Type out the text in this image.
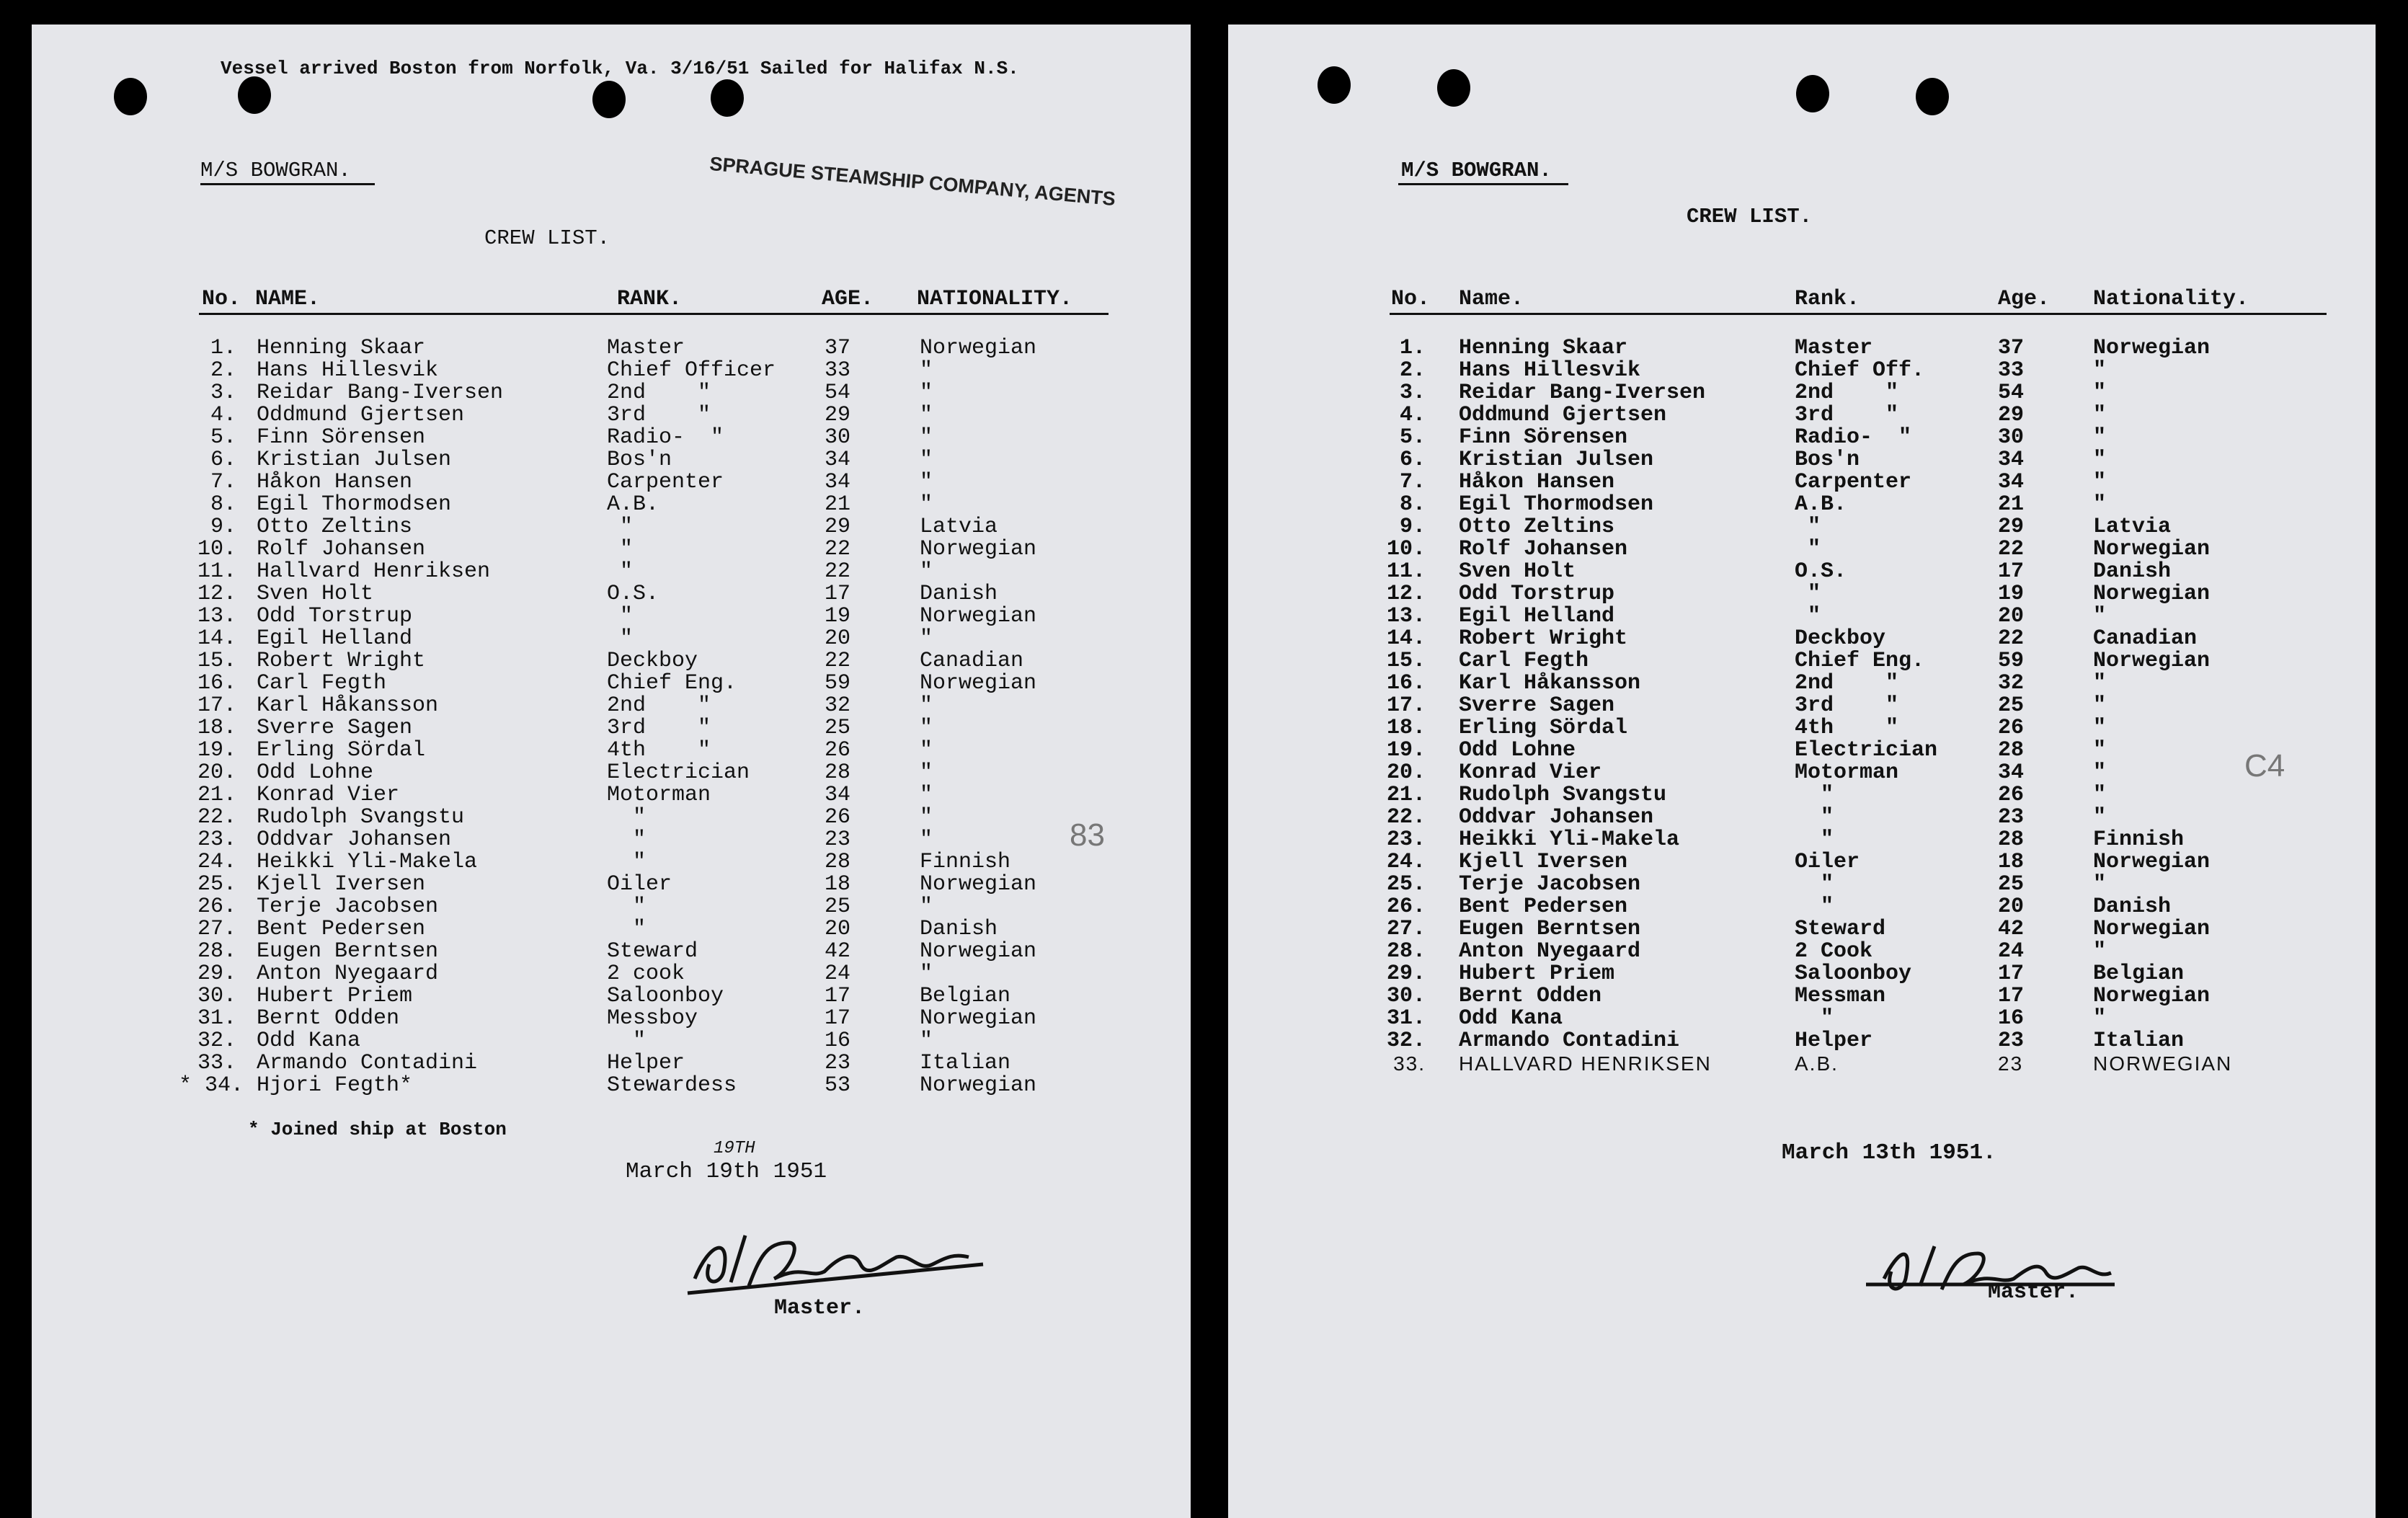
Vessel arrived Boston from Norfolk, Va. 3/16/51 Sailed for Halifax N.S.
M/S BOWGRAN.	SPRAGUE STEAMSHIP COMPANY, AGENTS
CREW LIST.
No. NAME.	RANK.	AGE. NATIONALITY.
1. Henning Skaar	Master	37	Norwegian
2. Hans Hillesvik	Chief Officer 33	"
3. Reidar Bang-Iversen	2nd    "	54	"
4. Oddmund Gjertsen	3rd    "	29	"
5. Finn Sörensen	Radio-  "	30	"
6. Kristian Julsen	Bos'n	34	"
7. Håkon Hansen	Carpenter	34	"
8. Egil Thormodsen	A.B.	21	"
9. Otto Zeltins	"	29	Latvia
10. Rolf Johansen	"	22	Norwegian
11. Hallvard Henriksen	"	22	"
12. Sven Holt	O.S.	17	Danish
13. Odd Torstrup	"	19	Norwegian
14. Egil Helland	"	20	"
15. Robert Wright	Deckboy	22	Canadian
16. Carl Fegth	Chief Eng.	59	Norwegian
17. Karl Håkansson	2nd    "	32	"
18. Sverre Sagen	3rd    "	25	"
19. Erling Sördal	4th    "	26	"
20. Odd Lohne	Electrician	28	"
21. Konrad Vier	Motorman	34	"
22. Rudolph Svangstu	"	26	"
23. Oddvar Johansen	"	23	"
24. Heikki Yli-Makela	"	28	Finnish
25. Kjell Iversen	Oiler	18	Norwegian
26. Terje Jacobsen	"	25	"
27. Bent Pedersen	"	20	Danish
28. Eugen Berntsen	Steward	42	Norwegian
29. Anton Nyegaard	2 cook	24	"
30. Hubert Priem	Saloonboy	17	Belgian
31. Bernt Odden	Messboy	17	Norwegian
32. Odd Kana	"	16	"
33. Armando Contadini	Helper	23	Italian
* 34. Hjori Fegth*	Stewardess	53	Norwegian
* Joined ship at Boston
19TH
March 19th 1951
Master.
83
M/S BOWGRAN.
CREW LIST.
No. Name.	Rank.	Age. Nationality.
1. Henning Skaar	Master	37	Norwegian
2. Hans Hillesvik	Chief Off.	33	"
3. Reidar Bang-Iversen	2nd    "	54	"
4. Oddmund Gjertsen	3rd    "	29	"
5. Finn Sörensen	Radio-  "	30	"
6. Kristian Julsen	Bos'n	34	"
7. Håkon Hansen	Carpenter	34	"
8. Egil Thormodsen	A.B.	21	"
9. Otto Zeltins	"	29	Latvia
10. Rolf Johansen	"	22	Norwegian
11. Sven Holt	O.S.	17	Danish
12. Odd Torstrup	"	19	Norwegian
13. Egil Helland	"	20	"
14. Robert Wright	Deckboy	22	Canadian
15. Carl Fegth	Chief Eng.	59	Norwegian
16. Karl Håkansson	2nd    "	32	"
17. Sverre Sagen	3rd    "	25	"
18. Erling Sördal	4th    "	26	"
19. Odd Lohne	Electrician	28	"
20. Konrad Vier	Motorman	34	"
21. Rudolph Svangstu	"	26	"
22. Oddvar Johansen	"	23	"
23. Heikki Yli-Makela	"	28	Finnish
24. Kjell Iversen	Oiler	18	Norwegian
25. Terje Jacobsen	"	25	"
26. Bent Pedersen	"	20	Danish
27. Eugen Berntsen	Steward	42	Norwegian
28. Anton Nyegaard	2 Cook	24	"
29. Hubert Priem	Saloonboy	17	Belgian
30. Bernt Odden	Messman	17	Norwegian
31. Odd Kana	"	16	"
32. Armando Contadini	Helper	23	Italian
33. HALLVARD HENRIKSEN	A.B.	23	NORWEGIAN
March 13th 1951.
Master.
C4
